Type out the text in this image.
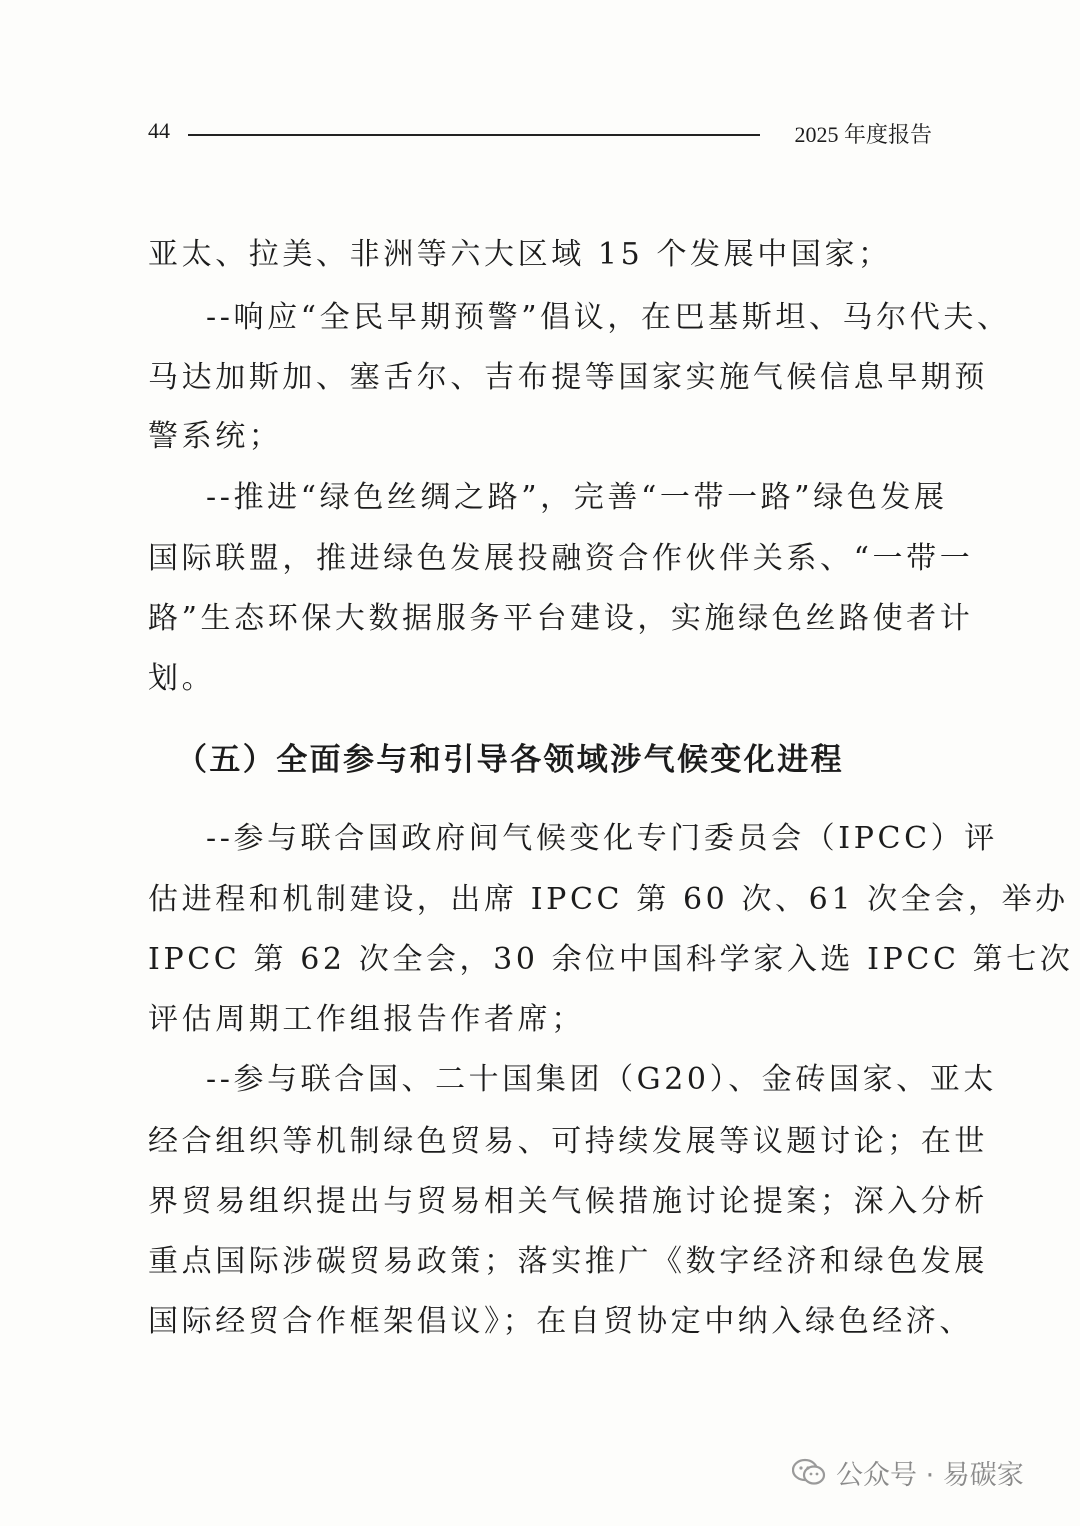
44	2025 年度报告
亚太、拉美、非洲等六大区域 15 个发展中国家；
--响应“全民早期预警”倡议，在巴基斯坦、马尔代夫、
马达加斯加、塞舌尔、吉布提等国家实施气候信息早期预
警系统；
--推进“绿色丝绸之路”，完善“一带一路”绿色发展
国际联盟，推进绿色发展投融资合作伙伴关系、“一带一
路”生态环保大数据服务平台建设，实施绿色丝路使者计
划。
（五）全面参与和引导各领域涉气候变化进程
--参与联合国政府间气候变化专门委员会（IPCC）评
估进程和机制建设，出席 IPCC 第 60 次、61 次全会，举办
IPCC 第 62 次全会，30 余位中国科学家入选 IPCC 第七次
评估周期工作组报告作者席；
--参与联合国、二十国集团（G20）、金砖国家、亚太
经合组织等机制绿色贸易、可持续发展等议题讨论；在世
界贸易组织提出与贸易相关气候措施讨论提案；深入分析
重点国际涉碳贸易政策；落实推广《数字经济和绿色发展
国际经贸合作框架倡议》；在自贸协定中纳入绿色经济、
公众号 · 易碳家
